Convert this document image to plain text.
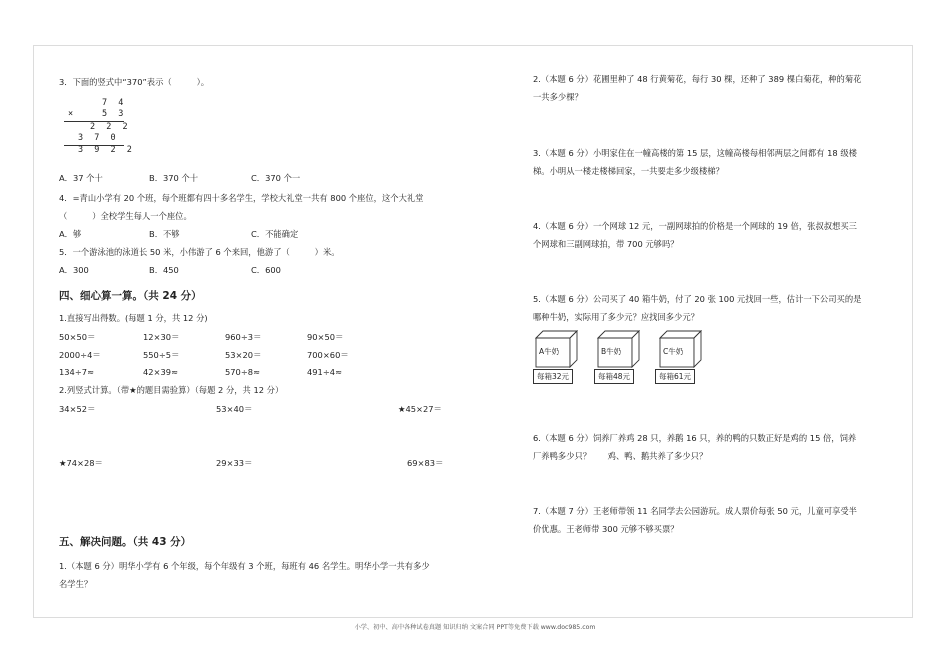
3．下面的竖式中“370”表示（　　　）。
7 4
×	5 3
2 2 2
3 7 0
3 9 2 2
A．37 个十	B．370 个十	C．370 个一
4．=青山小学有 20 个班，每个班都有四十多名学生，学校大礼堂一共有 800 个座位，这个大礼堂
（　　　）全校学生每人一个座位。
A．够	B．不够	C．不能确定
5．一个游泳池的泳道长 50 米，小伟游了 6 个来回，他游了（　　　）米。
A．300	B．450	C．600
四、细心算一算。（共 24 分）
1.直接写出得数。(每题 1 分，共 12 分)
50×50＝	12×30＝	960÷3＝	90×50＝
2000÷4＝	550÷5＝	53×20＝	700×60＝
134÷7≈	42×39≈	570÷8≈	491÷4≈
2.列竖式计算。（带★的题目需验算）（每题 2 分，共 12 分）
34×52＝	53×40＝	★45×27＝
★74×28＝	29×33＝	69×83＝
五、解决问题。（共 43 分）
1.（本题 6 分）明华小学有 6 个年级，每个年级有 3 个班，每班有 46 名学生。明华小学一共有多少
名学生？
2.（本题 6 分）花圃里种了 48 行黄菊花，每行 30 棵，还种了 389 棵白菊花，种的菊花
一共多少棵？
3.（本题 6 分）小明家住在一幢高楼的第 15 层，这幢高楼每相邻两层之间都有 18 级楼
梯。小明从一楼走楼梯回家，一共要走多少级楼梯？
4.（本题 6 分）一个网球 12 元，一副网球拍的价格是一个网球的 19 倍，张叔叔想买三
个网球和三副网球拍，带 700 元够吗？
5.（本题 6 分）公司买了 40 箱牛奶，付了 20 张 100 元找回一些，估计一下公司买的是
哪种牛奶，实际用了多少元？应找回多少元？
A牛奶	B牛奶	C牛奶
每箱32元	每箱48元	每箱61元
6.（本题 6 分）饲养厂养鸡 28 只，养鹅 16 只，养的鸭的只数正好是鸡的 15 倍，饲养
厂养鸭多少只？　　鸡、鸭、鹅共养了多少只？
7.（本题 7 分）王老师带领 11 名同学去公园游玩。成人票价每张 50 元，儿童可享受半
价优惠。王老师带 300 元够不够买票？
小学、初中、高中各种试卷真题 知识归纳 文案合同 PPT等免费下载 www.doc985.com
